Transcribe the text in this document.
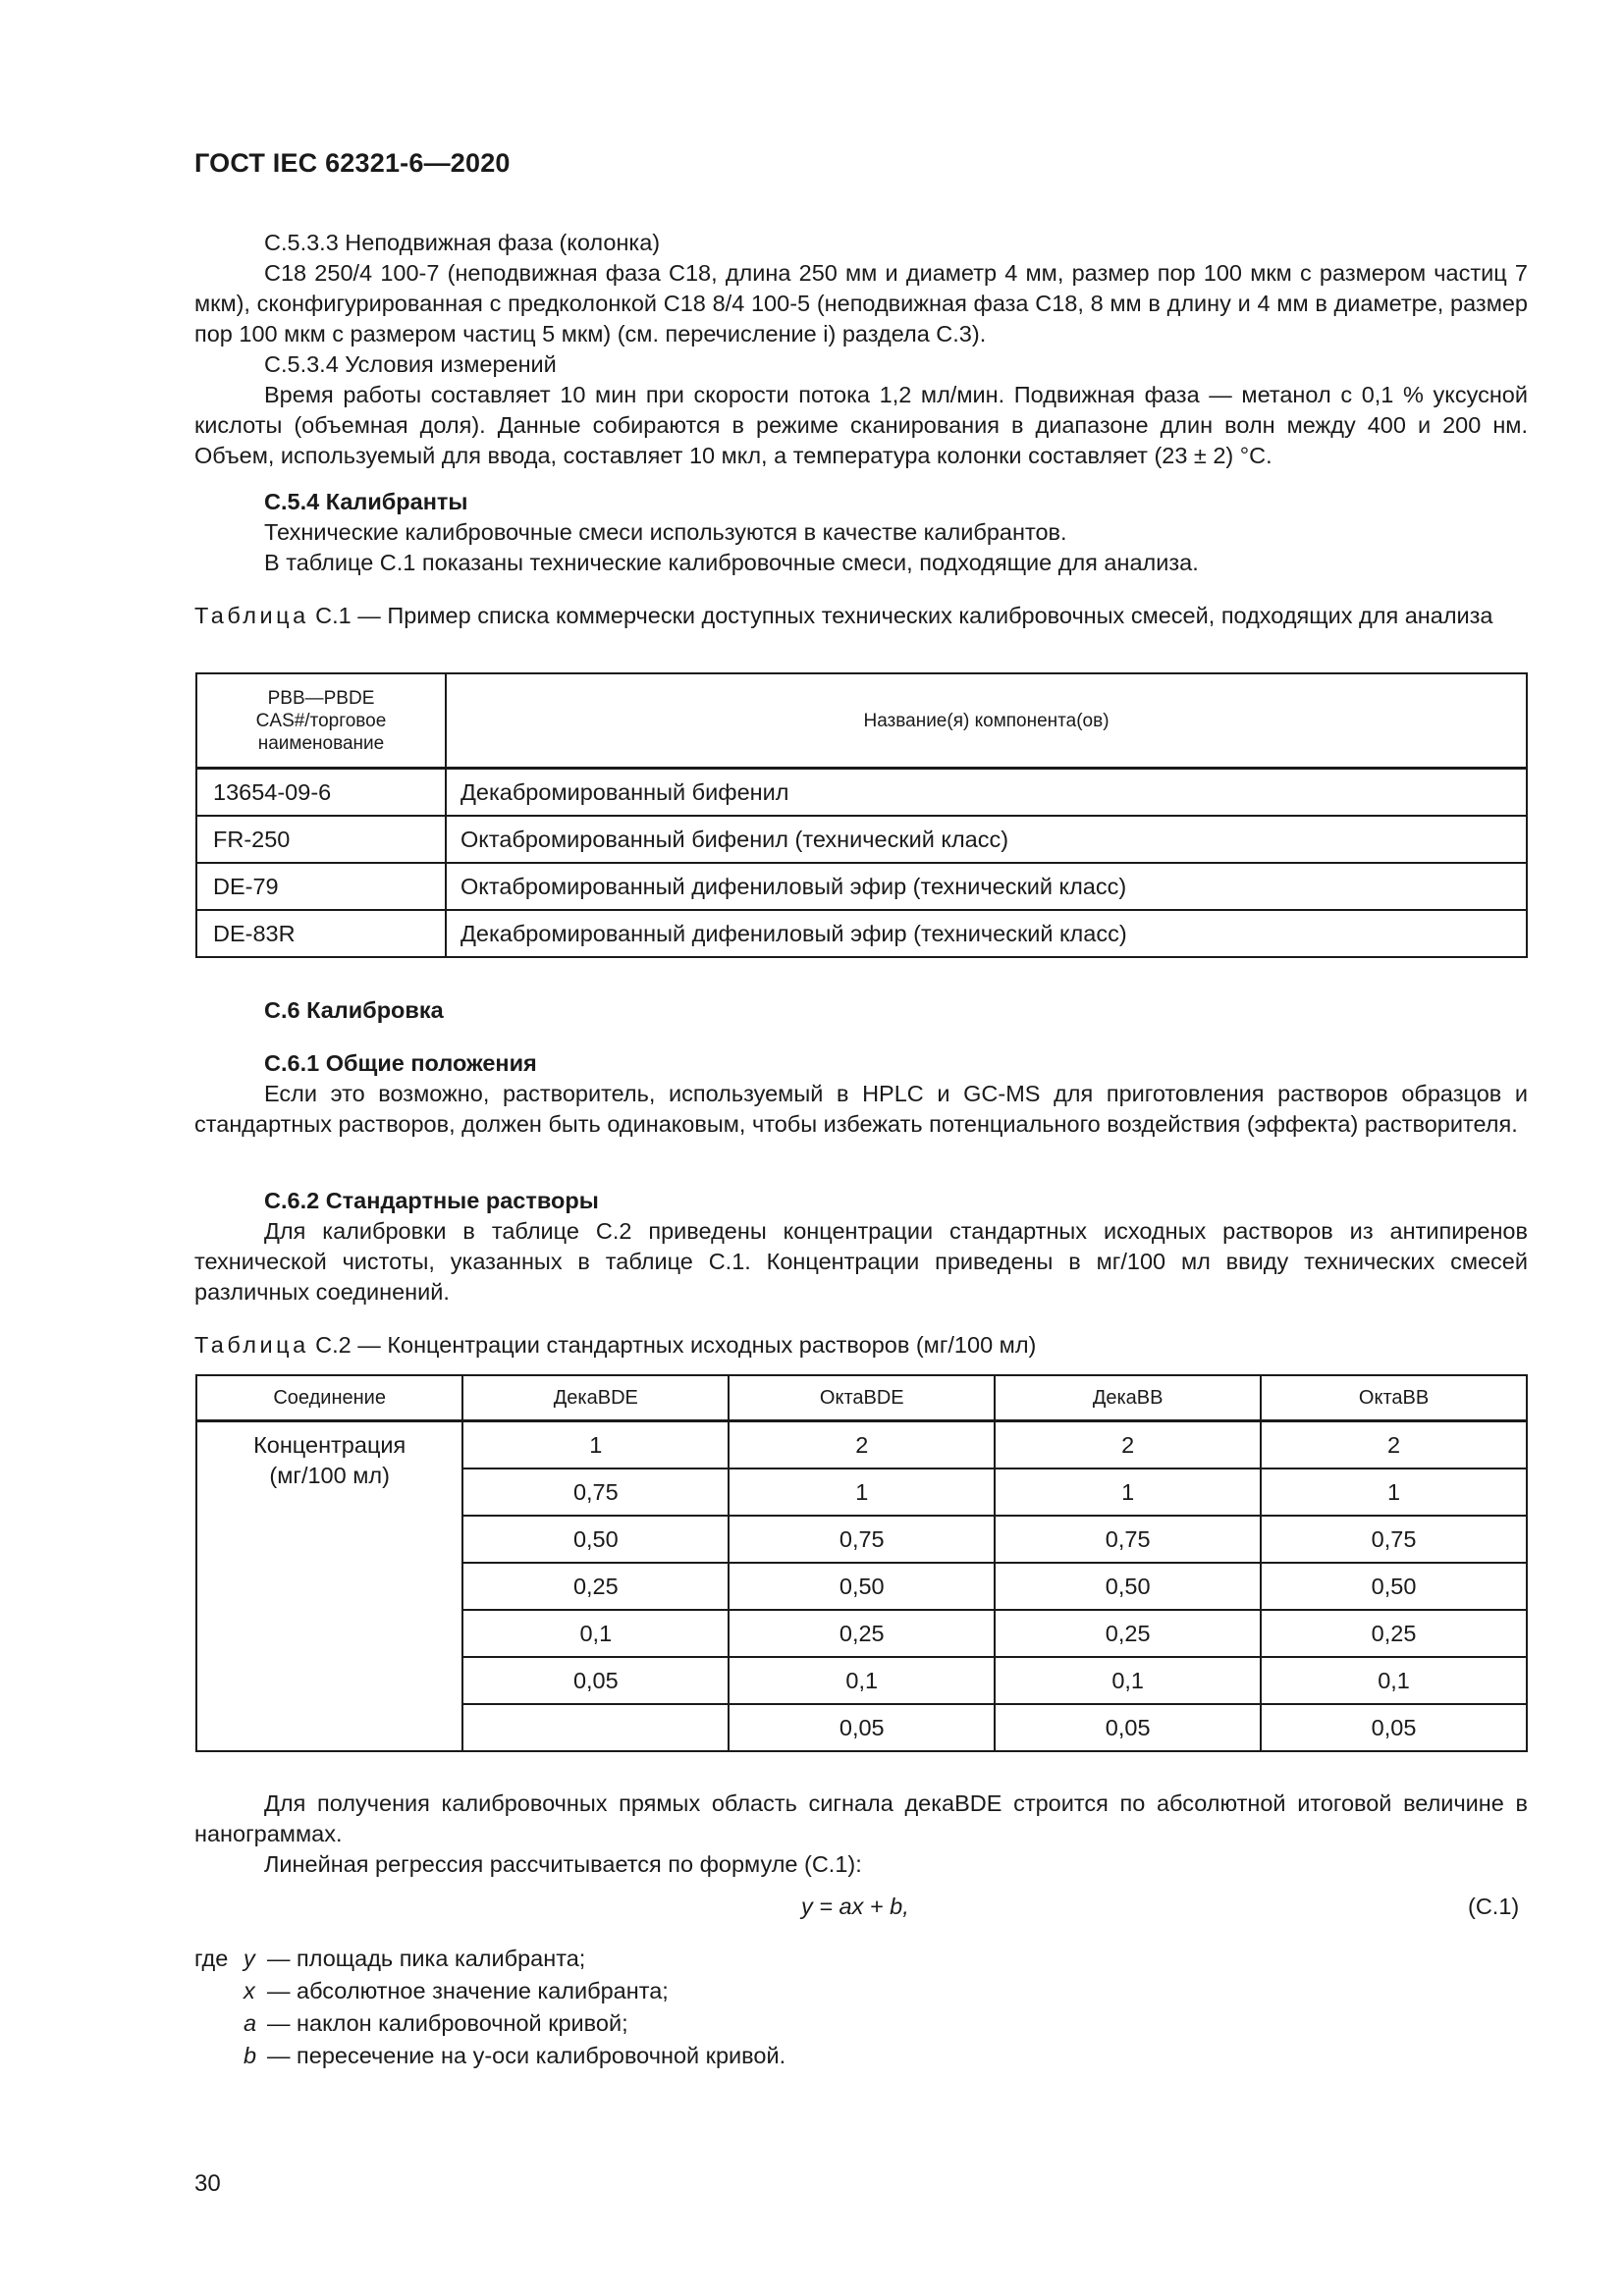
ГОСТ IEC 62321-6—2020
С.5.3.3 Неподвижная фаза (колонка)
С18 250/4 100-7 (неподвижная фаза С18, длина 250 мм и диаметр 4 мм, размер пор 100 мкм с размером частиц 7 мкм), сконфигурированная с предколонкой С18 8/4 100-5 (неподвижная фаза С18, 8 мм в длину и 4 мм в диаметре, размер пор 100 мкм с размером частиц 5 мкм) (см. перечисление i) раздела С.3).
С.5.3.4 Условия измерений
Время работы составляет 10 мин при скорости потока 1,2 мл/мин. Подвижная фаза — метанол с 0,1 % уксусной кислоты (объемная доля). Данные собираются в режиме сканирования в диапазоне длин волн между 400 и 200 нм. Объем, используемый для ввода, составляет 10 мкл, а температура колонки составляет (23 ± 2) °С.
С.5.4 Калибранты
Технические калибровочные смеси используются в качестве калибрантов.
В таблице С.1 показаны технические калибровочные смеси, подходящие для анализа.
Таблица С.1 — Пример списка коммерчески доступных технических калибровочных смесей, подходящих для анализа
PBB—PBDE
CAS#/торговое
наименование	Название(я) компонента(ов)
13654-09-6	Декабромированный бифенил
FR-250	Октабромированный бифенил (технический класс)
DE-79	Октабромированный дифениловый эфир (технический класс)
DE-83R	Декабромированный дифениловый эфир (технический класс)
С.6 Калибровка
С.6.1 Общие положения
Если это возможно, растворитель, используемый в HPLC и GC-MS для приготовления растворов образцов и стандартных растворов, должен быть одинаковым, чтобы избежать потенциального воздействия (эффекта) растворителя.
С.6.2 Стандартные растворы
Для калибровки в таблице С.2 приведены концентрации стандартных исходных растворов из антипиренов технической чистоты, указанных в таблице С.1. Концентрации приведены в мг/100 мл ввиду технических смесей различных соединений.
Таблица С.2 — Концентрации стандартных исходных растворов (мг/100 мл)
Соединение	ДекаBDE	ОктаBDE	ДекаBB	ОктаBB

Концентрация
(мг/100 мл)	1	2	2	2
	0,75	1	1	1
	0,50	0,75	0,75	0,75
	0,25	0,50	0,50	0,50
	0,1	0,25	0,25	0,25
	0,05	0,1	0,1	0,1
		0,05	0,05	0,05
Для получения калибровочных прямых область сигнала декаBDE строится по абсолютной итоговой величине в нанограммах.
Линейная регрессия рассчитывается по формуле (С.1):
y = ax + b,	(С.1)
где y — площадь пика калибранта;
x — абсолютное значение калибранта;
a — наклон калибровочной кривой;
b — пересечение на у-оси калибровочной кривой.
30
